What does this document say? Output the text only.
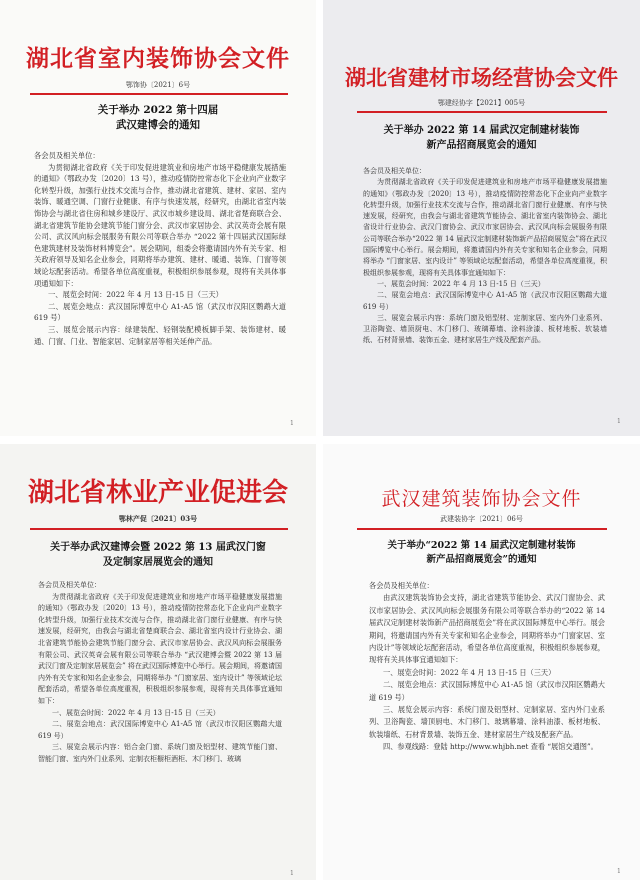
湖北省室内装饰协会文件
鄂饰协〔2021〕6号
关于举办 2022 第十四届
武汉建博会的通知

各会员及相关单位：

为贯彻湖北省政府《关于印发促进建筑业和房地产市场平稳健康发展措施的通知》（鄂政办发〔2020〕13 号），推动疫情防控常态化下企业向产业数字化转型升级，加强行业技术交流与合作，推动湖北省建筑、建材、家居、室内装饰、暖通空调、门窗行业健康、有序与快速发展，经研究，由湖北省室内装饰协会与湖北省住房和城乡建设厅、武汉市城乡建设局、湖北省楚商联合会、湖北省建筑节能协会建筑节能门窗分会、武汉市家居协会、武汉英奇会展有限公司、武汉风向标会展服务有限公司等联合举办 “2022 第十四届武汉国际绿色建筑建材及装饰材料博览会”。展会期间，组委会将邀请国内外有关专家、相关政府领导及知名企业参会，同期将举办建筑、建材、暖通、装饰、门窗等领域论坛配套活动。希望各单位高度重视，积极组织参展参观，现将有关具体事项通知如下：

一、展览会时间：2022 年 4 月 13 日-15 日（三天）

二、展览会地点：武汉国际博览中心 A1-A5 馆（武汉市汉阳区鹦鹉大道 619 号）

三、展览会展示内容：绿建装配、轻钢装配模板脚手架、装饰建材、暖通、门窗、门业、智能家居、定制家居等相关延伸产品。

1
湖北省建材市场经营协会文件
鄂建经协字【2021】005号
关于举办 2022 第 14 届武汉定制建材装饰
新产品招商展览会的通知

各会员及相关单位：

为贯彻湖北省政府《关于印发促进建筑业和房地产市场平稳健康发展措施的通知》（鄂政办发〔2020〕13 号），推动疫情防控常态化下企业向产业数字化转型升级，加强行业技术交流与合作，推动湖北省门窗行业健康、有序与快速发展，经研究，由我会与湖北省建筑节能协会、湖北省室内装饰协会、湖北省设计行业协会、武汉门窗协会、武汉市家居协会、武汉风向标会展服务有限公司等联合举办“2022 第 14 届武汉定制建材装饰新产品招商展览会”将在武汉国际博览中心举行。展会期间，将邀请国内外有关专家和知名企业参会，同期将举办 “门窗家居、室内设计” 等领域论坛配套活动，希望各单位高度重视，积极组织参展参观，现将有关具体事宜通知如下：

一、展览会时间：2022 年 4 月 13 日-15 日（三天）

二、展览会地点：武汉国际博览中心 A1-A5 馆（武汉市汉阳区鹦鹉大道 619 号）

三、展览会展示内容：系统门窗及铝型材、定制家居、室内外门业系列、卫浴陶瓷、墙顶厨电、木门移门、玻璃幕墙、涂料涂漆、板材地板、软装墙纸、石材背景墙、装饰五金、建材家居生产线及配套产品。

1
湖北省林业产业促进会
鄂林产促〔2021〕03号
关于举办武汉建博会暨 2022 第 13 届武汉门窗
及定制家居展览会的通知

各会员及相关单位：

为贯彻湖北省政府《关于印发促进建筑业和房地产市场平稳健康发展措施的通知》（鄂政办发〔2020〕13 号），推动疫情防控常态化下企业向产业数字化转型升级，加强行业技术交流与合作，推动湖北省门窗行业健康、有序与快速发展，经研究，由我会与湖北省楚商联合会、湖北省室内设计行业协会、湖北省建筑节能协会建筑节能门窗分会、武汉市家居协会、武汉风向标会展服务有限公司、武汉英奇会展有限公司等联合举办 “武汉建博会暨 2022 第 13 届武汉门窗及定制家居展览会” 将在武汉国际博览中心举行。展会期间，将邀请国内外有关专家和知名企业参会，同期将举办 “门窗家居、室内设计” 等领域论坛配套活动，希望各单位高度重视，积极组织参展参观，现将有关具体事宜通知如下：

一、展览会时间：2022 年 4 月 13 日-15 日（三天）

二、展览会地点：武汉国际博览中心 A1-A5 馆（武汉市汉阳区鹦鹉大道 619 号）

三、展览会展示内容：铝合金门窗、系统门窗及铝型材、建筑节能门窗、智能门窗、室内外门业系列、定制衣柜橱柜酒柜、木门移门、玻璃

1
武汉建筑装饰协会文件
武建装协字〔2021〕06号
关于举办“2022 第 14 届武汉定制建材装饰
新产品招商展览会”的通知

各会员及相关单位：

由武汉建筑装饰协会支持，湖北省建筑节能协会、武汉门窗协会、武汉市家居协会、武汉风向标会展服务有限公司等联合举办的“2022 第 14 届武汉定制建材装饰新产品招商展览会”将在武汉国际博览中心举行。展会期间，将邀请国内外有关专家和知名企业参会，同期将举办“门窗家居、室内设计”等领域论坛配套活动，希望各单位高度重视，积极组织参展参观，现将有关具体事宜通知如下：

一、展览会时间：2022 年 4 月 13 日-15 日（三天）

二、展览会地点：武汉国际博览中心 A1-A5 馆（武汉市汉阳区鹦鹉大道 619 号）

三、展览会展示内容：系统门窗及铝型材、定制家居、室内外门业系列、卫浴陶瓷、墙顶厨电、木门移门、玻璃幕墙、涂料油漆、板材地板、软装墙纸、石材背景墙、装饰五金、建材家居生产线及配套产品。

四、参观线路：登陆 http://www.whjbh.net 查看 “展馆交通图”。

1
